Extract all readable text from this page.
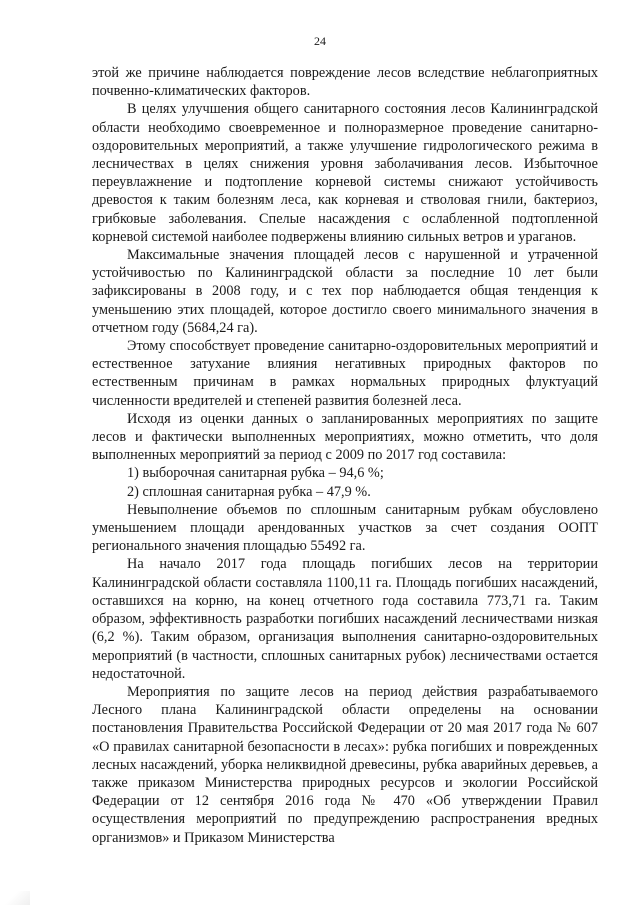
24

этой же причине наблюдается повреждение лесов вследствие неблагоприятных почвенно-климатических факторов.

В целях улучшения общего санитарного состояния лесов Калининградской области необходимо своевременное и полноразмерное проведение санитарно-оздоровительных мероприятий, а также улучшение гидрологического режима в лесничествах в целях снижения уровня заболачивания лесов. Избыточное переувлажнение и подтопление корневой системы снижают устойчивость древостоя к таким болезням леса, как корневая и стволовая гнили, бактериоз, грибковые заболевания. Спелые насаждения с ослабленной подтопленной корневой системой наиболее подвержены влиянию сильных ветров и ураганов.

Максимальные значения площадей лесов с нарушенной и утраченной устойчивостью по Калининградской области за последние 10 лет были зафиксированы в 2008 году, и с тех пор наблюдается общая тенденция к уменьшению этих площадей, которое достигло своего минимального значения в отчетном году (5684,24 га).

Этому способствует проведение санитарно-оздоровительных мероприятий и естественное затухание влияния негативных природных факторов по естественным причинам в рамках нормальных природных флуктуаций численности вредителей и степеней развития болезней леса.

Исходя из оценки данных о запланированных мероприятиях по защите лесов и фактически выполненных мероприятиях, можно отметить, что доля выполненных мероприятий за период с 2009 по 2017 год составила:

1) выборочная санитарная рубка – 94,6 %;

2) сплошная санитарная рубка – 47,9 %.

Невыполнение объемов по сплошным санитарным рубкам обусловлено уменьшением площади арендованных участков за счет создания ООПТ регионального значения площадью 55492 га.

На начало 2017 года площадь погибших лесов на территории Калининградской области составляла 1100,11 га. Площадь погибших насаждений, оставшихся на корню, на конец отчетного года составила 773,71 га. Таким образом, эффективность разработки погибших насаждений лесничествами низкая (6,2 %). Таким образом, организация выполнения санитарно-оздоровительных мероприятий (в частности, сплошных санитарных рубок) лесничествами остается недостаточной.

Мероприятия по защите лесов на период действия разрабатываемого Лесного плана Калининградской области определены на основании постановления Правительства Российской Федерации от 20 мая 2017 года № 607 «О правилах санитарной безопасности в лесах»: рубка погибших и поврежденных лесных насаждений, уборка неликвидной древесины, рубка аварийных деревьев, а также приказом Министерства природных ресурсов и экологии Российской Федерации от 12 сентября 2016 года № 470 «Об утверждении Правил осуществления мероприятий по предупреждению распространения вредных организмов» и Приказом Министерства
